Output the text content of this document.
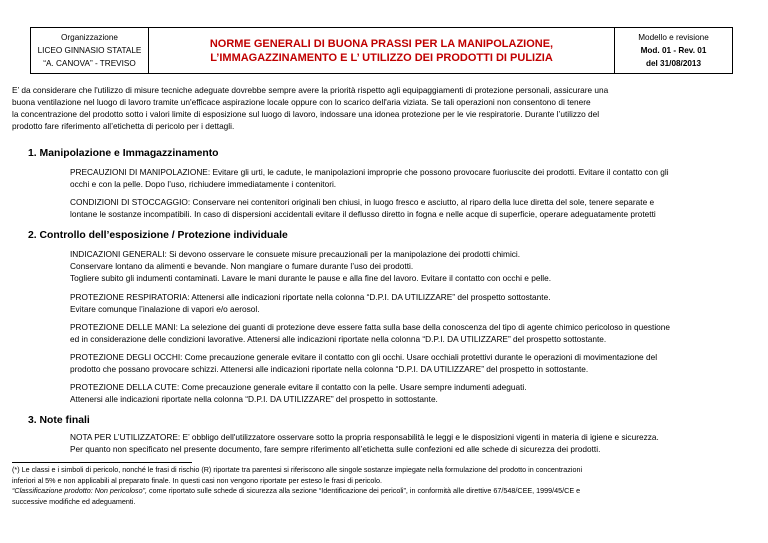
Organizzazione
LICEO GINNASIO STATALE
“A. CANOVA” - TREVISO
NORME GENERALI DI BUONA PRASSI PER LA MANIPOLAZIONE,
L’IMMAGAZZINAMENTO E L’ UTILIZZO DEI PRODOTTI DI PULIZIA
Modello e revisione
Mod. 01 - Rev. 01
del 31/08/2013
E’ da considerare che l'utilizzo di misure tecniche adeguate dovrebbe sempre avere la priorità rispetto agli equipaggiamenti di protezione personali, assicurare una
buona ventilazione nel luogo di lavoro tramite un'efficace aspirazione locale oppure con lo scarico dell'aria viziata. Se tali operazioni non consentono di tenere
la concentrazione del prodotto sotto i valori limite di esposizione sul luogo di lavoro, indossare una idonea protezione per le vie respiratorie. Durante l’utilizzo del
prodotto fare riferimento all’etichetta di pericolo per i dettagli.
1. Manipolazione e Immagazzinamento
PRECAUZIONI DI MANIPOLAZIONE: Evitare gli urti, le cadute, le manipolazioni improprie che possono provocare fuoriuscite dei prodotti. Evitare il contatto con gli
occhi e con la pelle. Dopo l’uso, richiudere immediatamente i contenitori.
CONDIZIONI DI STOCCAGGIO: Conservare nei contenitori originali ben chiusi, in luogo fresco e asciutto, al riparo della luce diretta del sole, tenere separate e
lontane le sostanze incompatibili. In caso di dispersioni accidentali evitare il deflusso diretto in fogna e nelle acque di superficie, operare adeguatamente protetti
2. Controllo dell’esposizione / Protezione individuale
INDICAZIONI GENERALI: Si devono osservare le consuete misure precauzionali per la manipolazione dei prodotti chimici.
Conservare lontano da alimenti e bevande. Non mangiare o fumare durante l’uso dei prodotti.
Togliere subito gli indumenti contaminati. Lavare le mani durante le pause e alla fine del lavoro. Evitare il contatto con occhi e pelle.
PROTEZIONE RESPIRATORIA: Attenersi alle indicazioni riportate nella colonna “D.P.I. DA UTILIZZARE” del prospetto sottostante.
Evitare comunque l’inalazione di vapori e/o aerosol.
PROTEZIONE DELLE MANI: La selezione dei guanti di protezione deve essere fatta sulla base della conoscenza del tipo di agente chimico pericoloso in questione
ed in considerazione delle condizioni lavorative. Attenersi alle indicazioni riportate nella colonna “D.P.I. DA UTILIZZARE” del prospetto sottostante.
PROTEZIONE DEGLI OCCHI: Come precauzione generale evitare il contatto con gli occhi. Usare occhiali protettivi durante le operazioni di movimentazione del
prodotto che possano provocare schizzi. Attenersi alle indicazioni riportate nella colonna “D.P.I. DA UTILIZZARE” del prospetto in sottostante.
PROTEZIONE DELLA CUTE: Come precauzione generale evitare il contatto con la pelle. Usare sempre indumenti adeguati.
Attenersi alle indicazioni riportate nella colonna “D.P.I. DA UTILIZZARE” del prospetto in sottostante.
3. Note finali
NOTA PER L’UTILIZZATORE: E’ obbligo dell'utilizzatore osservare sotto la propria responsabilità le leggi e le disposizioni vigenti in materia di igiene e sicurezza.
Per quanto non specificato nel presente documento, fare sempre riferimento all’etichetta sulle confezioni ed alle schede di sicurezza dei prodotti.
(*) Le classi e i simboli di pericolo, nonché le frasi di rischio (R) riportate tra parentesi si riferiscono alle singole sostanze impiegate nella formulazione del prodotto in concentrazioni
inferiori al 5% e non applicabili al preparato finale. In questi casi non vengono riportate per esteso le frasi di pericolo.
“Classificazione prodotto: Non pericoloso”, come riportato sulle schede di sicurezza alla sezione “Identificazione dei pericoli”, in conformità alle direttive 67/548/CEE, 1999/45/CE e
successive modifiche ed adeguamenti.
